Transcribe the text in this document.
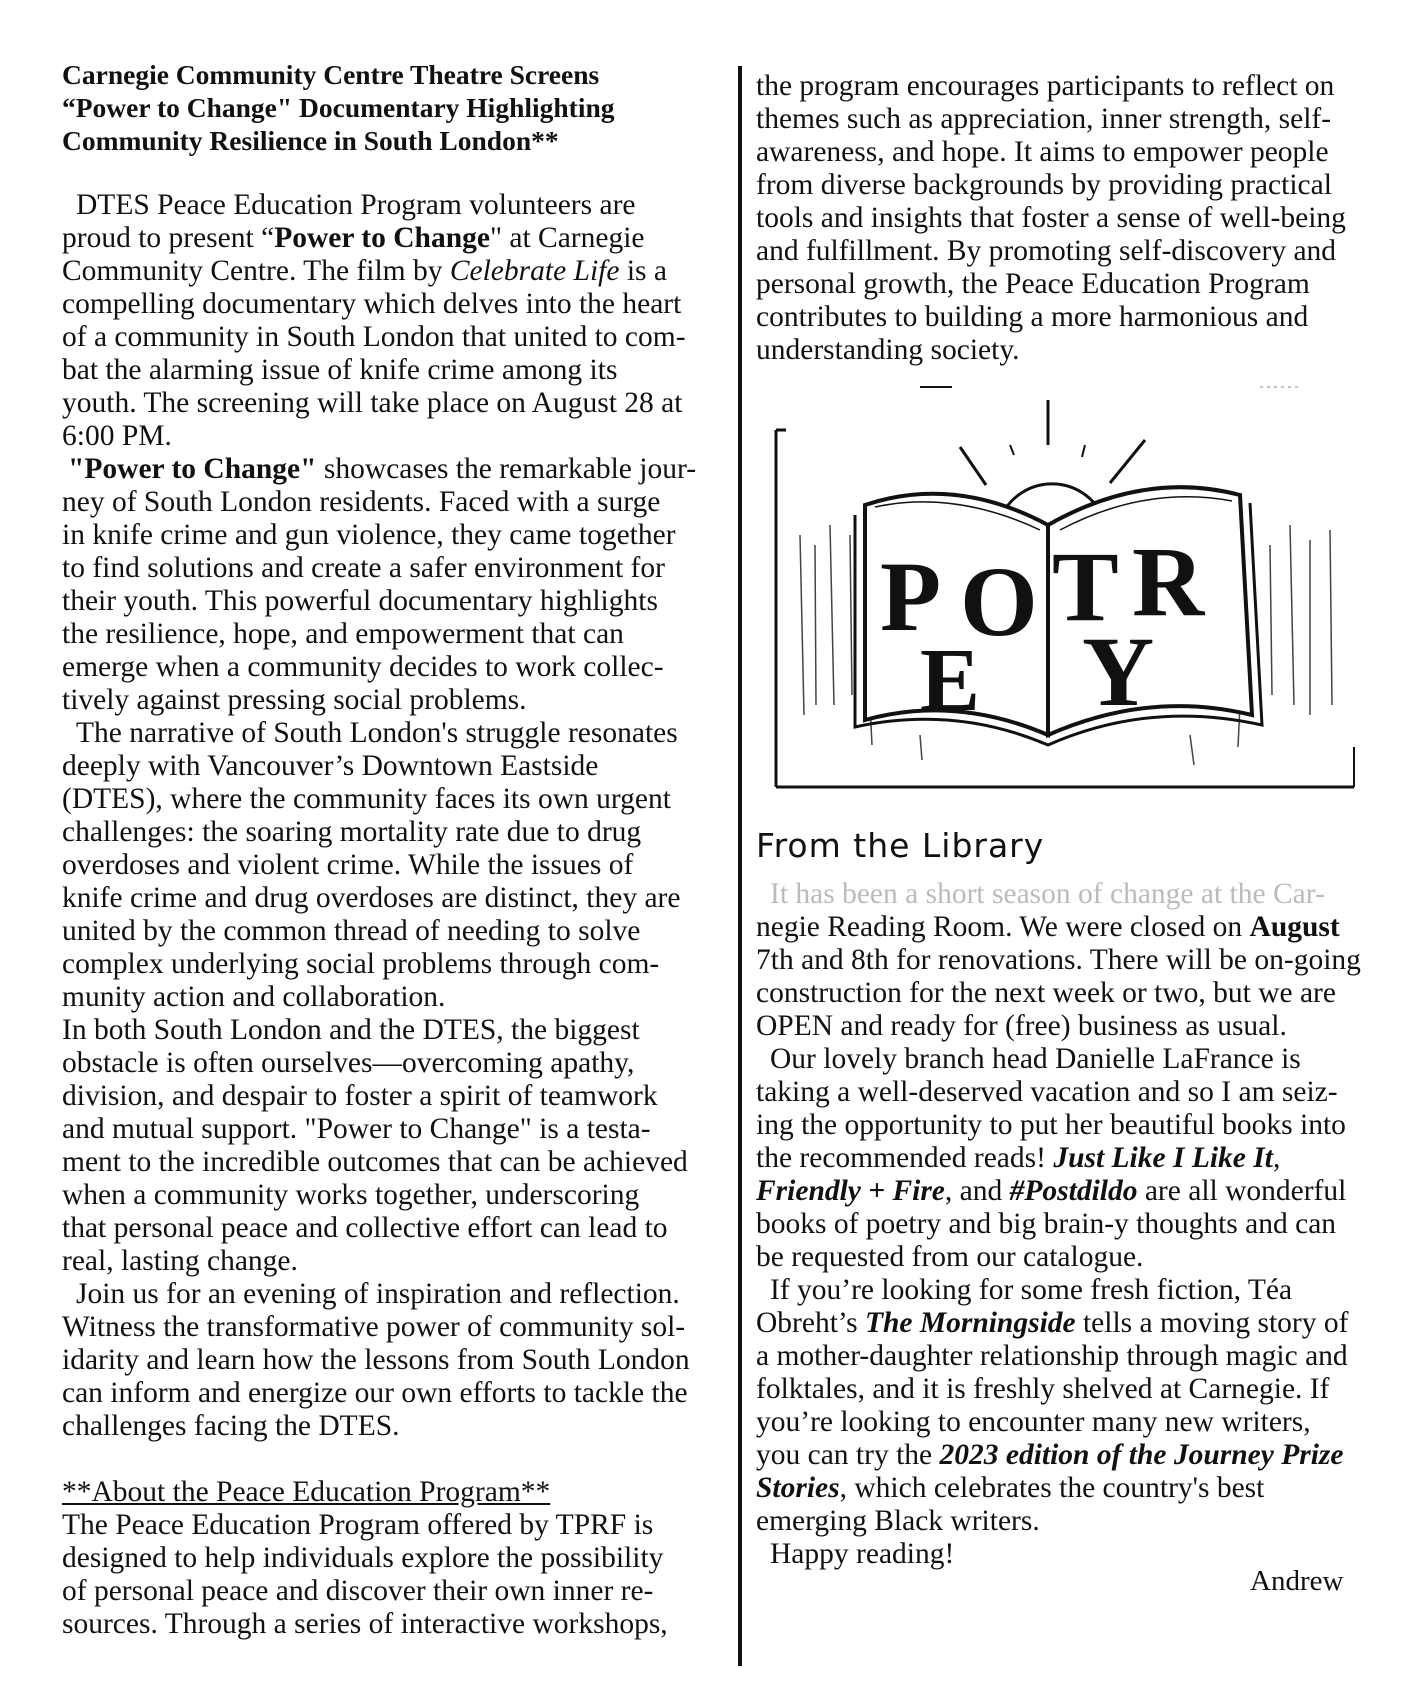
Carnegie Community Centre Theatre Screens
“Power to Change" Documentary Highlighting
Community Resilience in South London**
DTES Peace Education Program volunteers are
proud to present “Power to Change" at Carnegie
Community Centre. The film by Celebrate Life is a
compelling documentary which delves into the heart
of a community in South London that united to com-
bat the alarming issue of knife crime among its
youth. The screening will take place on August 28 at
6:00 PM.
"Power to Change" showcases the remarkable jour-
ney of South London residents. Faced with a surge
in knife crime and gun violence, they came together
to find solutions and create a safer environment for
their youth. This powerful documentary highlights
the resilience, hope, and empowerment that can
emerge when a community decides to work collec-
tively against pressing social problems.
The narrative of South London's struggle resonates
deeply with Vancouver’s Downtown Eastside
(DTES), where the community faces its own urgent
challenges: the soaring mortality rate due to drug
overdoses and violent crime. While the issues of
knife crime and drug overdoses are distinct, they are
united by the common thread of needing to solve
complex underlying social problems through com-
munity action and collaboration.
In both South London and the DTES, the biggest
obstacle is often ourselves—overcoming apathy,
division, and despair to foster a spirit of teamwork
and mutual support. "Power to Change" is a testa-
ment to the incredible outcomes that can be achieved
when a community works together, underscoring
that personal peace and collective effort can lead to
real, lasting change.
Join us for an evening of inspiration and reflection.
Witness the transformative power of community sol-
idarity and learn how the lessons from South London
can inform and energize our own efforts to tackle the
challenges facing the DTES.
**About the Peace Education Program**
The Peace Education Program offered by TPRF is
designed to help individuals explore the possibility
of personal peace and discover their own inner re-
sources. Through a series of interactive workshops,
the program encourages participants to reflect on
themes such as appreciation, inner strength, self-
awareness, and hope. It aims to empower people
from diverse backgrounds by providing practical
tools and insights that foster a sense of well-being
and fulfillment. By promoting self-discovery and
personal growth, the Peace Education Program
contributes to building a more harmonious and
understanding society.
P O
E
T R
Y
From the Library
It has been a short season of change at the Car-
negie Reading Room. We were closed on August
7th and 8th for renovations. There will be on-going
construction for the next week or two, but we are
OPEN and ready for (free) business as usual.
Our lovely branch head Danielle LaFrance is
taking a well-deserved vacation and so I am seiz-
ing the opportunity to put her beautiful books into
the recommended reads! Just Like I Like It,
Friendly + Fire, and #Postdildo are all wonderful
books of poetry and big brain-y thoughts and can
be requested from our catalogue.
If you’re looking for some fresh fiction, Téa
Obreht’s The Morningside tells a moving story of
a mother-daughter relationship through magic and
folktales, and it is freshly shelved at Carnegie. If
you’re looking to encounter many new writers,
you can try the 2023 edition of the Journey Prize
Stories, which celebrates the country's best
emerging Black writers.
Happy reading!
Andrew
